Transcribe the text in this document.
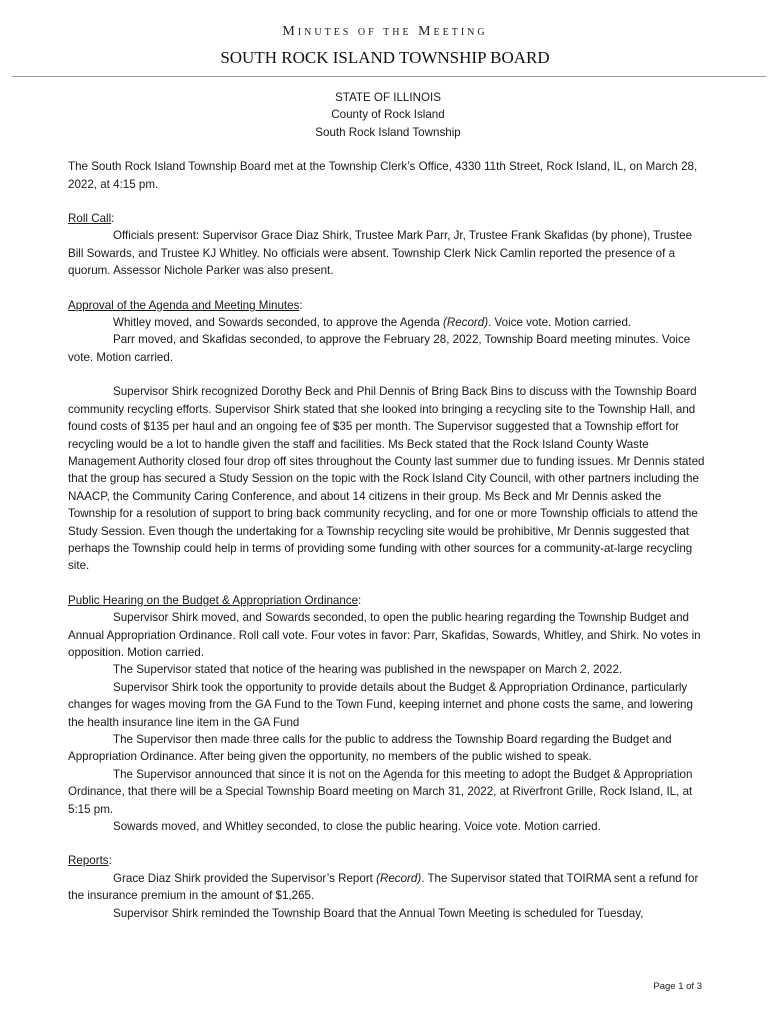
Minutes of the Meeting
SOUTH ROCK ISLAND TOWNSHIP BOARD

STATE OF ILLINOIS

County of Rock Island

South Rock Island Township

The South Rock Island Township Board met at the Township Clerk’s Office, 4330 11th Street, Rock Island, IL, on March 28, 2022, at 4:15 pm.

Roll Call:

Officials present: Supervisor Grace Diaz Shirk, Trustee Mark Parr, Jr, Trustee Frank Skafidas (by phone), Trustee Bill Sowards, and Trustee KJ Whitley. No officials were absent. Township Clerk Nick Camlin reported the presence of a quorum. Assessor Nichole Parker was also present.

Approval of the Agenda and Meeting Minutes:

Whitley moved, and Sowards seconded, to approve the Agenda (Record). Voice vote. Motion carried.

Parr moved, and Skafidas seconded, to approve the February 28, 2022, Township Board meeting minutes. Voice vote. Motion carried.

Supervisor Shirk recognized Dorothy Beck and Phil Dennis of Bring Back Bins to discuss with the Township Board community recycling efforts. Supervisor Shirk stated that she looked into bringing a recycling site to the Township Hall, and found costs of $135 per haul and an ongoing fee of $35 per month. The Supervisor suggested that a Township effort for recycling would be a lot to handle given the staff and facilities. Ms Beck stated that the Rock Island County Waste Management Authority closed four drop off sites throughout the County last summer due to funding issues. Mr Dennis stated that the group has secured a Study Session on the topic with the Rock Island City Council, with other partners including the NAACP, the Community Caring Conference, and about 14 citizens in their group. Ms Beck and Mr Dennis asked the Township for a resolution of support to bring back community recycling, and for one or more Township officials to attend the Study Session. Even though the undertaking for a Township recycling site would be prohibitive, Mr Dennis suggested that perhaps the Township could help in terms of providing some funding with other sources for a community-at-large recycling site.

Public Hearing on the Budget & Appropriation Ordinance:

Supervisor Shirk moved, and Sowards seconded, to open the public hearing regarding the Township Budget and Annual Appropriation Ordinance. Roll call vote. Four votes in favor: Parr, Skafidas, Sowards, Whitley, and Shirk. No votes in opposition. Motion carried.

The Supervisor stated that notice of the hearing was published in the newspaper on March 2, 2022.

Supervisor Shirk took the opportunity to provide details about the Budget & Appropriation Ordinance, particularly changes for wages moving from the GA Fund to the Town Fund, keeping internet and phone costs the same, and lowering the health insurance line item in the GA Fund

The Supervisor then made three calls for the public to address the Township Board regarding the Budget and Appropriation Ordinance. After being given the opportunity, no members of the public wished to speak.

The Supervisor announced that since it is not on the Agenda for this meeting to adopt the Budget & Appropriation Ordinance, that there will be a Special Township Board meeting on March 31, 2022, at Riverfront Grille, Rock Island, IL, at 5:15 pm.

Sowards moved, and Whitley seconded, to close the public hearing. Voice vote. Motion carried.

Reports:

Grace Diaz Shirk provided the Supervisor’s Report (Record). The Supervisor stated that TOIRMA sent a refund for the insurance premium in the amount of $1,265.

Supervisor Shirk reminded the Township Board that the Annual Town Meeting is scheduled for Tuesday,

Page 1 of 3
